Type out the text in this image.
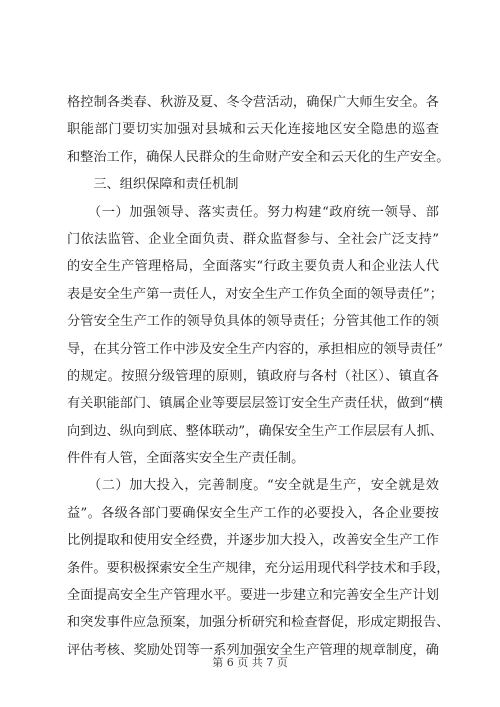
格控制各类春、秋游及夏、冬令营活动，确保广大师生安全。各
职能部门要切实加强对县城和云天化连接地区安全隐患的巡查
和整治工作，确保人民群众的生命财产安全和云天化的生产安全。
　　三、组织保障和责任机制
　　（一）加强领导、落实责任。努力构建“政府统一领导、部
门依法监管、企业全面负责、群众监督参与、全社会广泛支持”
的安全生产管理格局，全面落实“行政主要负责人和企业法人代
表是安全生产第一责任人，对安全生产工作负全面的领导责任”；
分管安全生产工作的领导负具体的领导责任；分管其他工作的领
导，在其分管工作中涉及安全生产内容的，承担相应的领导责任”
的规定。按照分级管理的原则，镇政府与各村（社区）、镇直各
有关职能部门、镇属企业等要层层签订安全生产责任状，做到“横
向到边、纵向到底、整体联动”，确保安全生产工作层层有人抓、
件件有人管，全面落实安全生产责任制。
　　（二）加大投入，完善制度。“安全就是生产，安全就是效
益”。各级各部门要确保安全生产工作的必要投入，各企业要按
比例提取和使用安全经费，并逐步加大投入，改善安全生产工作
条件。要积极探索安全生产规律，充分运用现代科学技术和手段，
全面提高安全生产管理水平。要进一步建立和完善安全生产计划
和突发事件应急预案，加强分析研究和检查督促，形成定期报告、
评估考核、奖励处罚等一系列加强安全生产管理的规章制度，确
第 6 页 共 7 页
